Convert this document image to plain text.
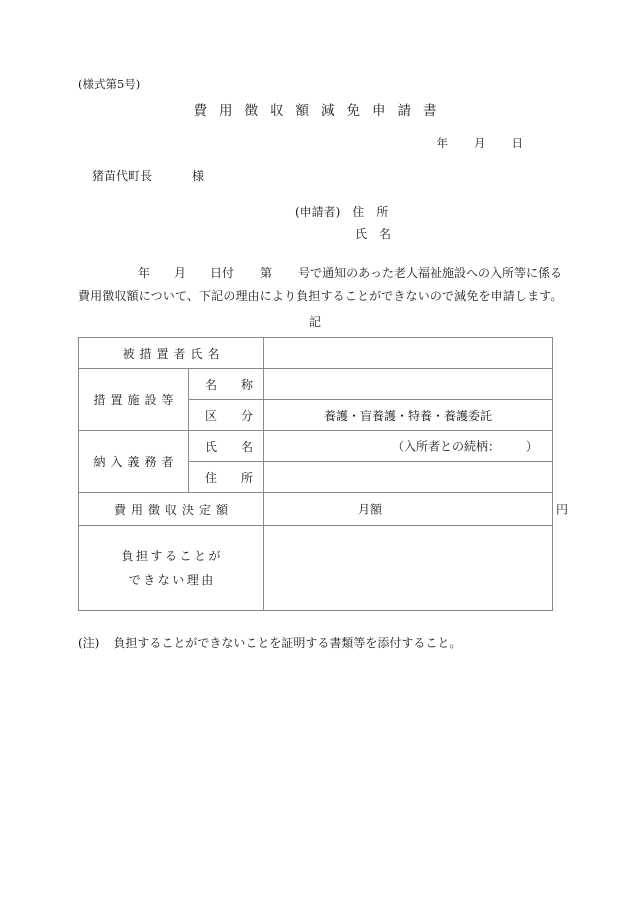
(様式第5号)
費用徴収額減免申請書
年 月 日
猪苗代町長	様
(申請者) 住　所
氏　名
年 月 日付 第 号で通知のあった老人福祉施設への入所等に係る
費用徴収額について、下記の理由により負担することができないので減免を申請します。
記
被措置者氏名		
措置施設等	名　　称	

	区　　分	養護・盲養護・特養・養護委託
納入義務者	氏　　名	（入所者との続柄： ）

	住　　所	

費用徴収決定額		月額 円

負担することが
できない理由		

(注) 負担することができないことを証明する書類等を添付すること。
